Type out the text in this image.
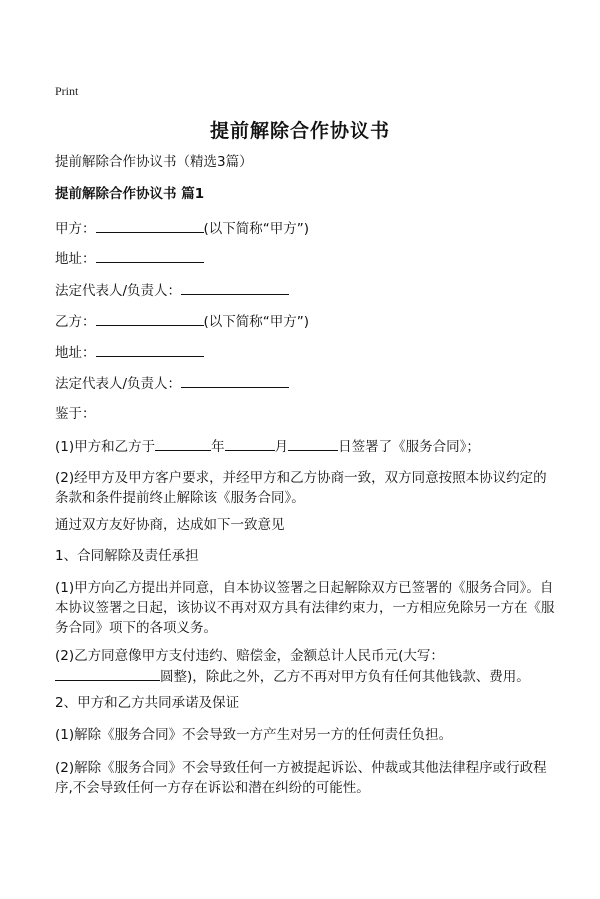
Print
提前解除合作协议书
提前解除合作协议书（精选3篇）
提前解除合作协议书 篇1
甲方：	(以下简称“甲方”)
地址：
法定代表人/负责人：
乙方：	(以下简称“甲方”)
地址：
法定代表人/负责人：
鉴于：
(1)甲方和乙方于	年	月	日签署了《服务合同》；
(2)经甲方及甲方客户要求，并经甲方和乙方协商一致，双方同意按照本协议约定的条款和条件提前终止解除该《服务合同》。
通过双方友好协商，达成如下一致意见
1、合同解除及责任承担
(1)甲方向乙方提出并同意，自本协议签署之日起解除双方已签署的《服务合同》。自本协议签署之日起，该协议不再对双方具有法律约束力，一方相应免除另一方在《服务合同》项下的各项义务。
(2)乙方同意像甲方支付违约、赔偿金，金额总计人民币元(大写：
圆整)，除此之外，乙方不再对甲方负有任何其他钱款、费用。
2、甲方和乙方共同承诺及保证
(1)解除《服务合同》不会导致一方产生对另一方的任何责任负担。
(2)解除《服务合同》不会导致任何一方被提起诉讼、仲裁或其他法律程序或行政程序,不会导致任何一方存在诉讼和潜在纠纷的可能性。
